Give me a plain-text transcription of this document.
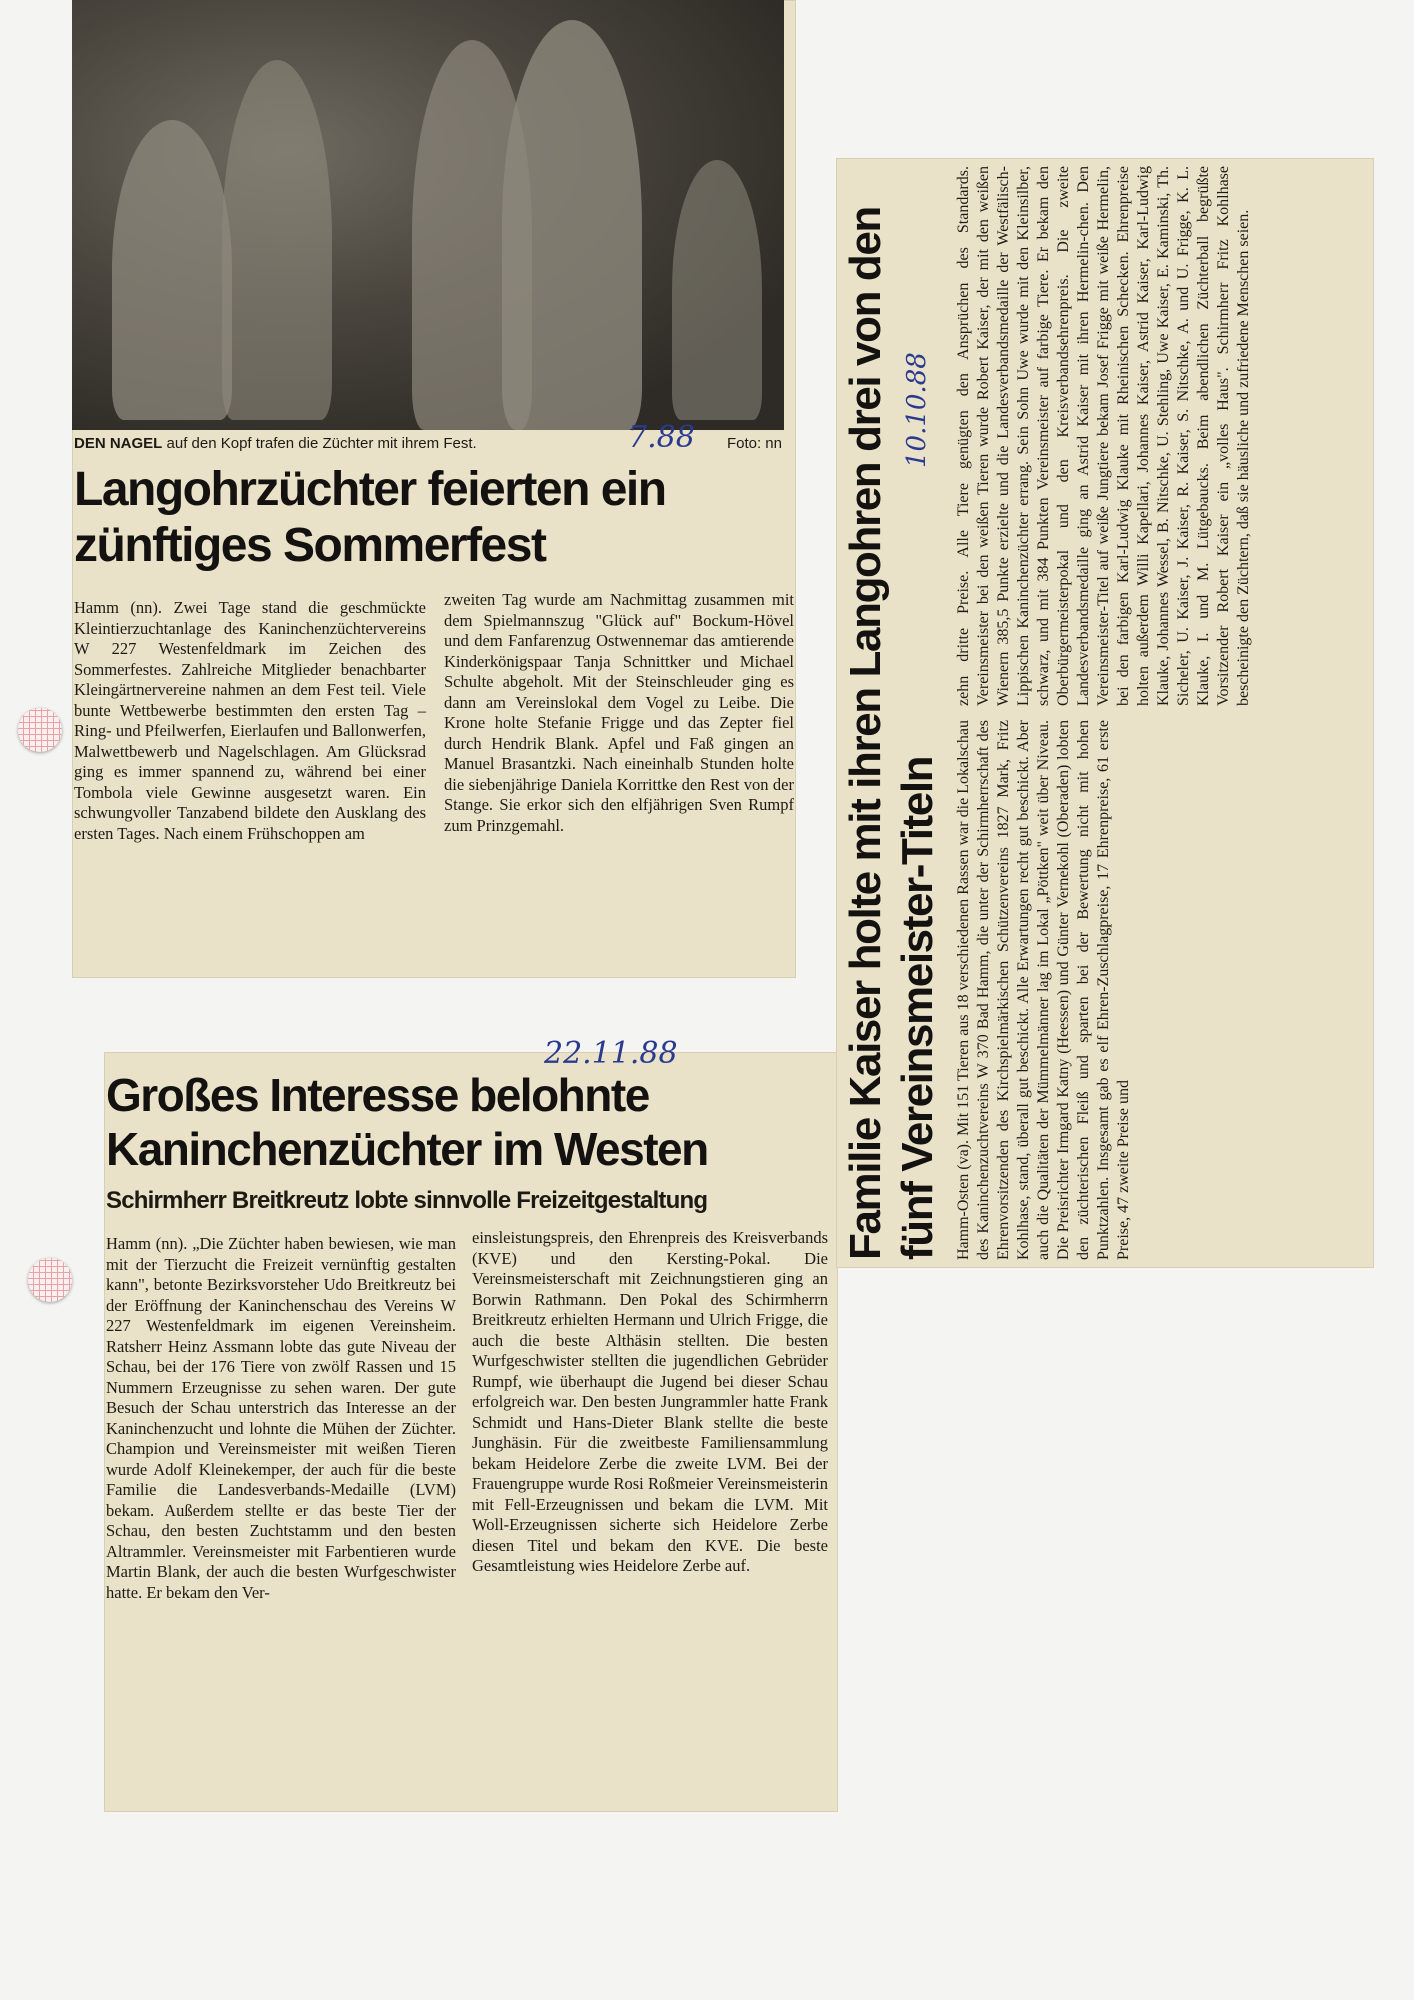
DEN NAGEL auf den Kopf trafen die Züchter mit ihrem Fest.	Foto: nn
7.88
Langohrzüchter feierten ein zünftiges Sommerfest

Hamm (nn). Zwei Tage stand die geschmückte Kleintierzuchtanlage des Kaninchenzüchtervereins W 227 Westenfeldmark im Zeichen des Sommerfestes. Zahlreiche Mitglieder benachbarter Kleingärtnervereine nahmen an dem Fest teil. Viele bunte Wettbewerbe bestimmten den ersten Tag – Ring- und Pfeilwerfen, Eierlaufen und Ballonwerfen, Malwettbewerb und Nagelschlagen. Am Glücksrad ging es immer spannend zu, während bei einer Tombola viele Gewinne ausgesetzt waren. Ein schwungvoller Tanzabend bildete den Ausklang des ersten Tages. Nach einem Frühschoppen am

zweiten Tag wurde am Nachmittag zusammen mit dem Spielmannszug "Glück auf" Bockum-Hövel und dem Fanfarenzug Ostwennemar das amtierende Kinderkönigspaar Tanja Schnittker und Michael Schulte abgeholt. Mit der Steinschleuder ging es dann am Vereinslokal dem Vogel zu Leibe. Die Krone holte Stefanie Frigge und das Zepter fiel durch Hendrik Blank. Apfel und Faß gingen an Manuel Brasantzki. Nach eineinhalb Stunden holte die siebenjährige Daniela Korrittke den Rest von der Stange. Sie erkor sich den elfjährigen Sven Rumpf zum Prinzgemahl.

22.11.88
Großes Interesse belohnte Kaninchenzüchter im Westen
Schirmherr Breitkreutz lobte sinnvolle Freizeitgestaltung

Hamm (nn). „Die Züchter haben bewiesen, wie man mit der Tierzucht die Freizeit vernünftig gestalten kann", betonte Bezirksvorsteher Udo Breitkreutz bei der Eröffnung der Kaninchenschau des Vereins W 227 Westenfeldmark im eigenen Vereinsheim. Ratsherr Heinz Assmann lobte das gute Niveau der Schau, bei der 176 Tiere von zwölf Rassen und 15 Nummern Erzeugnisse zu sehen waren. Der gute Besuch der Schau unterstrich das Interesse an der Kaninchenzucht und lohnte die Mühen der Züchter. Champion und Vereinsmeister mit weißen Tieren wurde Adolf Kleinekemper, der auch für die beste Familie die Landesverbands-Medaille (LVM) bekam. Außerdem stellte er das beste Tier der Schau, den besten Zuchtstamm und den besten Altrammler. Vereinsmeister mit Farbentieren wurde Martin Blank, der auch die besten Wurfgeschwister hatte. Er bekam den Ver-

einsleistungspreis, den Ehrenpreis des Kreisverbands (KVE) und den Kersting-Pokal. Die Vereinsmeisterschaft mit Zeichnungstieren ging an Borwin Rathmann. Den Pokal des Schirmherrn Breitkreutz erhielten Hermann und Ulrich Frigge, die auch die beste Althäsin stellten. Die besten Wurfgeschwister stellten die jugendlichen Gebrüder Rumpf, wie überhaupt die Jugend bei dieser Schau erfolgreich war. Den besten Jungrammler hatte Frank Schmidt und Hans-Dieter Blank stellte die beste Junghäsin. Für die zweitbeste Familiensammlung bekam Heidelore Zerbe die zweite LVM. Bei der Frauengruppe wurde Rosi Roßmeier Vereinsmeisterin mit Fell-Erzeugnissen und bekam die LVM. Mit Woll-Erzeugnissen sicherte sich Heidelore Zerbe diesen Titel und bekam den KVE. Die beste Gesamtleistung wies Heidelore Zerbe auf.

Familie Kaiser holte mit ihren Langohren drei von den fünf Vereinsmeister-Titeln
10.10.88

Hamm-Osten (va). Mit 151 Tieren aus 18 verschiedenen Rassen war die Lokalschau des Kaninchenzuchtvereins W 370 Bad Hamm, die unter der Schirmherrschaft des Ehrenvorsitzenden des Kirchspielmärkischen Schützenvereins 1827 Mark, Fritz Kohlhase, stand, überall gut beschickt. Alle Erwartungen recht gut beschickt. Aber auch die Qualitäten der Mümmelmänner lag im Lokal „Pöttken" weit über Niveau. Die Preisrichter Irmgard Katny (Heessen) und Günter Vernekohl (Oberaden) lobten den züchterischen Fleiß und sparten bei der Bewertung nicht mit hohen Punktzahlen. Insgesamt gab es elf Ehren-Zuschlagpreise, 17 Ehrenpreise, 61 erste Preise, 47 zweite Preise und

zehn dritte Preise. Alle Tiere genügten den Ansprüchen des Standards. Vereinsmeister bei den weißen Tieren wurde Robert Kaiser, der mit den weißen Wienern 385,5 Punkte erzielte und die Landesverbandsmedaille der Westfälisch-Lippischen Kaninchenzüchter errang. Sein Sohn Uwe wurde mit den Kleinsilber, schwarz, und mit 384 Punkten Vereinsmeister auf farbige Tiere. Er bekam den Oberbürgermeisterpokal und den Kreisverbandsehrenpreis. Die zweite Landesverbandsmedaille ging an Astrid Kaiser mit ihren Hermelin-chen. Den Vereinsmeister-Titel auf weiße Jungtiere bekam Josef Frigge mit weiße Hermelin, bei den farbigen Karl-Ludwig Klauke mit Rheinischen Schecken. Ehrenpreise holten außerdem Willi Kapellari, Johannes Kaiser, Astrid Kaiser, Karl-Ludwig Klauke, Johannes Wessel, B. Nitschke, U. Stehling, Uwe Kaiser, E. Kaminski, Th. Sicheler, U. Kaiser, J. Kaiser, R. Kaiser, S. Nitschke, A. und U. Frigge, K. L. Klauke, I. und M. Lütgebaucks. Beim abendlichen Züchterball begrüßte Vorsitzender Robert Kaiser ein „volles Haus". Schirmherr Fritz Kohlhase bescheinigte den Züchtern, daß sie häusliche und zufriedene Menschen seien.
